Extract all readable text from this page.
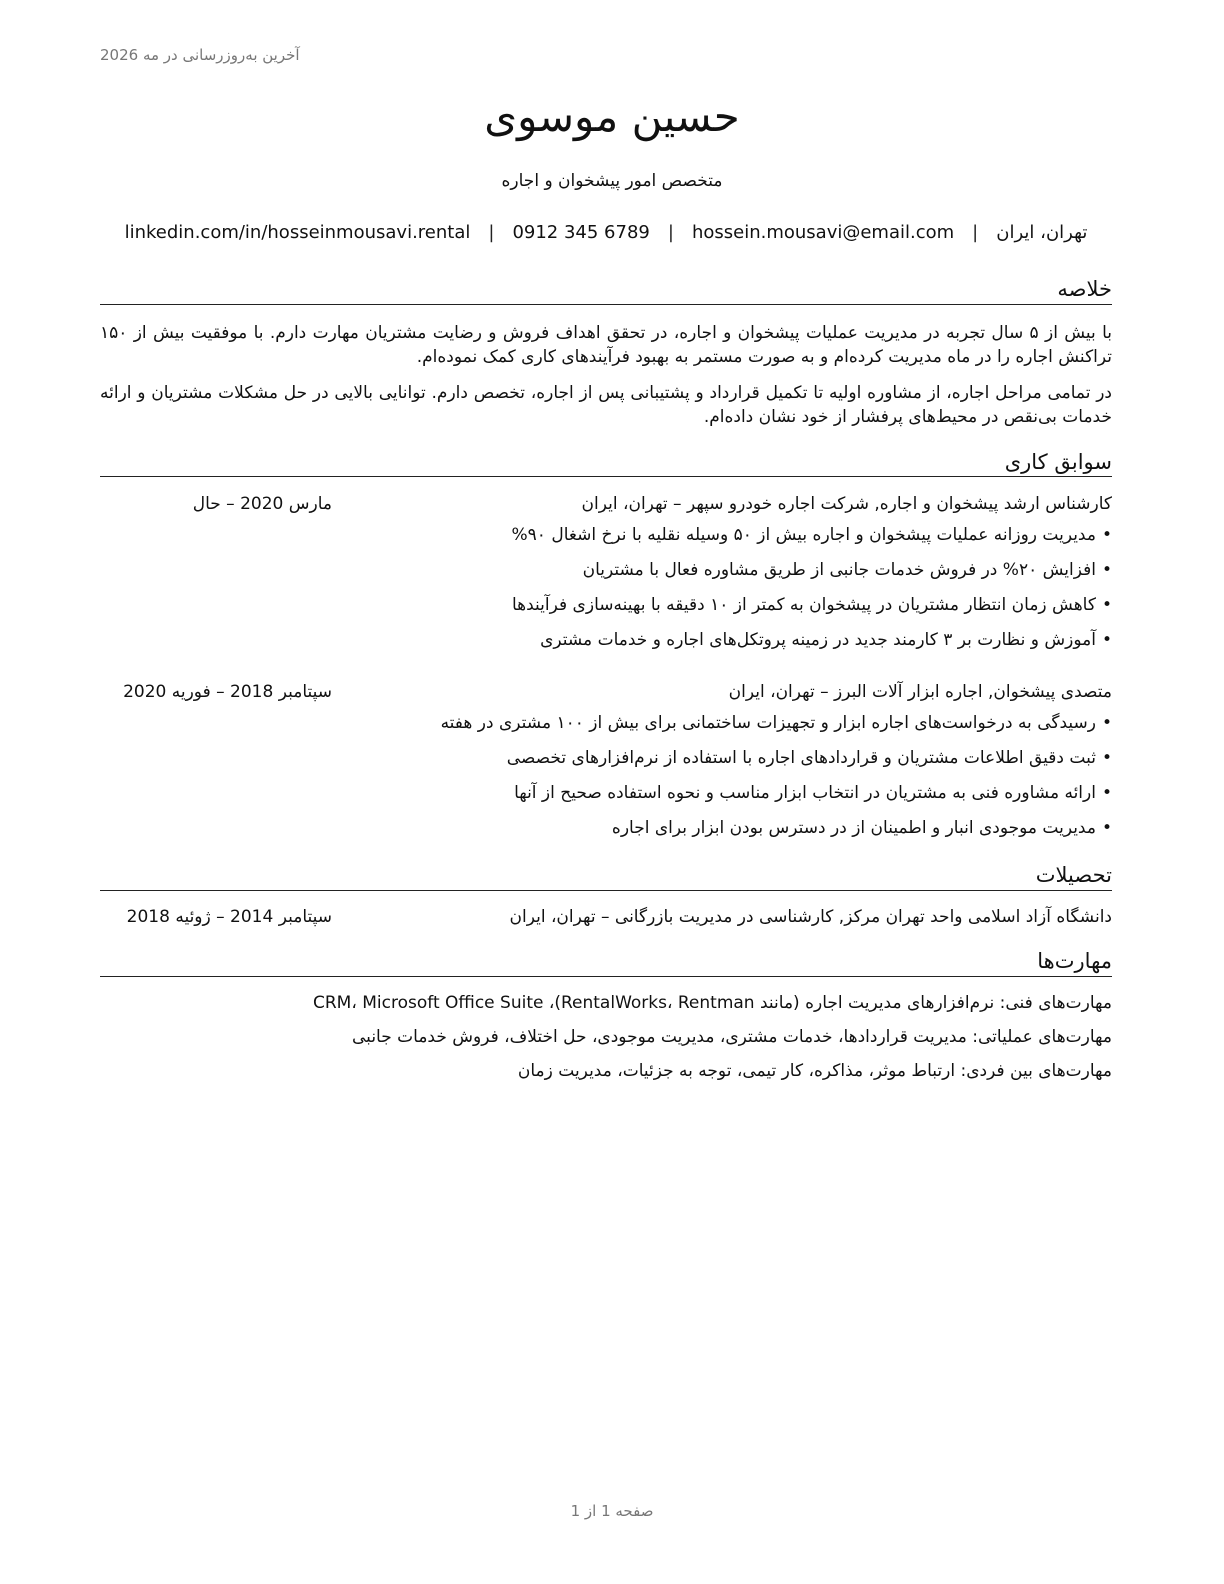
آخرین به‌روزرسانی در مه 2026
حسین موسوی
متخصص امور پیشخوان و اجاره
تهران، ایران
|
hossein.mousavi@email.com
|
0912 345 6789
|
linkedin.com/in/hosseinmousavi.rental
خلاصه

با بیش از ۵ سال تجربه در مدیریت عملیات پیشخوان و اجاره، در تحقق اهداف فروش و رضایت مشتریان مهارت دارم. با موفقیت بیش از ۱۵۰ تراکنش اجاره را در ماه مدیریت کرده‌ام و به صورت مستمر به بهبود فرآیندهای کاری کمک نموده‌ام.

در تمامی مراحل اجاره، از مشاوره اولیه تا تکمیل قرارداد و پشتیبانی پس از اجاره، تخصص دارم. توانایی بالایی در حل مشکلات مشتریان و ارائه خدمات بی‌نقص در محیط‌های پرفشار از خود نشان داده‌ام.

سوابق کاری
کارشناس ارشد پیشخوان و اجاره, شرکت اجاره خودرو سپهر – تهران، ایران
مارس 2020 – حال
• مدیریت روزانه عملیات پیشخوان و اجاره بیش از ۵۰ وسیله نقلیه با نرخ اشغال ۹۰%
• افزایش ۲۰% در فروش خدمات جانبی از طریق مشاوره فعال با مشتریان
• کاهش زمان انتظار مشتریان در پیشخوان به کمتر از ۱۰ دقیقه با بهینه‌سازی فرآیندها
• آموزش و نظارت بر ۳ کارمند جدید در زمینه پروتکل‌های اجاره و خدمات مشتری
متصدی پیشخوان, اجاره ابزار آلات البرز – تهران، ایران
سپتامبر 2018 – فوریه 2020
• رسیدگی به درخواست‌های اجاره ابزار و تجهیزات ساختمانی برای بیش از ۱۰۰ مشتری در هفته
• ثبت دقیق اطلاعات مشتریان و قراردادهای اجاره با استفاده از نرم‌افزارهای تخصصی
• ارائه مشاوره فنی به مشتریان در انتخاب ابزار مناسب و نحوه استفاده صحیح از آنها
• مدیریت موجودی انبار و اطمینان از در دسترس بودن ابزار برای اجاره
تحصیلات
دانشگاه آزاد اسلامی واحد تهران مرکز, کارشناسی در مدیریت بازرگانی – تهران، ایران
سپتامبر 2014 – ژوئیه 2018
مهارت‌ها
مهارت‌های فنی: نرم‌افزارهای مدیریت اجاره (مانند RentalWorks، Rentman)، CRM، Microsoft Office Suite
مهارت‌های عملیاتی: مدیریت قراردادها، خدمات مشتری، مدیریت موجودی، حل اختلاف، فروش خدمات جانبی
مهارت‌های بین فردی: ارتباط موثر، مذاکره، کار تیمی، توجه به جزئیات، مدیریت زمان
صفحه 1 از 1
